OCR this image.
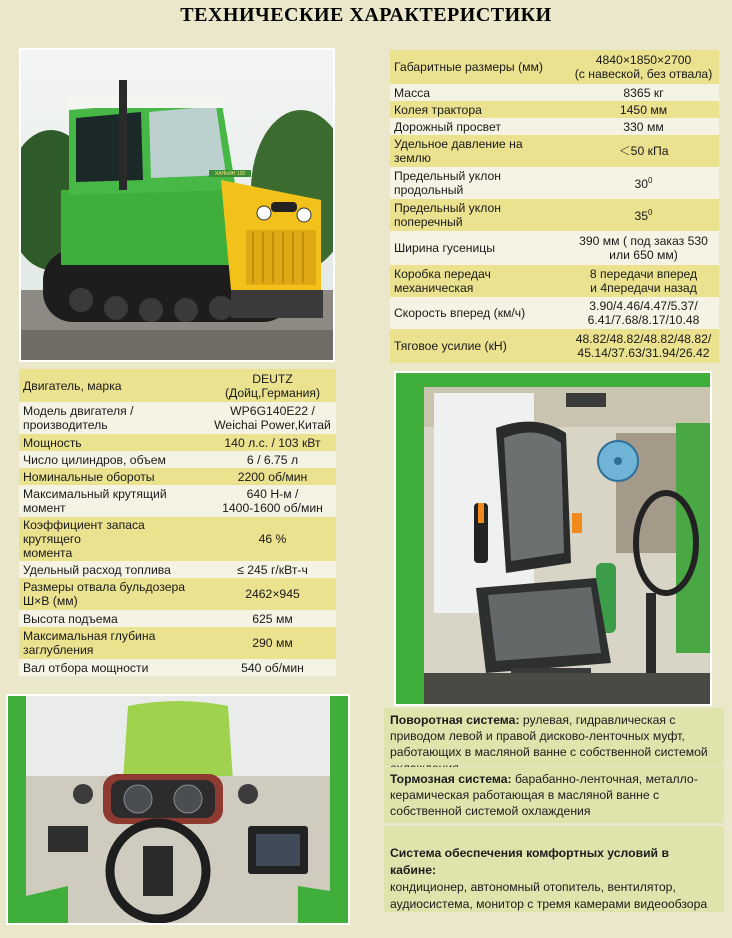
ТЕХНИЧЕСКИЕ ХАРАКТЕРИСТИКИ
ХАНЬЯН 120
Габаритные размеры (мм)	4840×1850×2700
(с навеской, без отвала)
Масса	8365 кг
Колея трактора	1450 мм
Дорожный просвет	330 мм
Удельное давление на
землю	＜50 кПа
Предельный уклон
продольный	$30^0$
Предельный уклон
поперечный	$35^0$
Ширина гусеницы	390 мм ( под заказ 530
или 650 мм)
Коробка передач
механическая	8 передачи вперед
и 4передачи назад
Скорость вперед (км/ч)	3.90/4.46/4.47/5.37/
6.41/7.68/8.17/10.48
Тяговое усилие (кН)	48.82/48.82/48.82/48.82/
45.14/37.63/31.94/26.42
Двигатель, марка	DEUTZ
(Дойц,Германия)
Модель двигателя /
производитель	WP6G140E22 /
Weichai Power,Китай
Мощность	140 л.с. / 103 кВт
Число цилиндров, объем	6 / 6.75 л
Номинальные обороты	2200 об/мин
Максимальный крутящий
момент	640 Н-м /
1400-1600 об/мин
Коэффициент запаса крутящего
момента	46 %
Удельный расход топлива	≤ 245 г/кВт-ч
Размеры отвала бульдозера
Ш×В (мм)	2462×945
Высота подъема	625 мм
Максимальная глубина
заглубления	290 мм
Вал отбора мощности	540 об/мин
Поворотная система: рулевая, гидравлическая с приводом левой и правой дисково-ленточных муфт, работающих в масляной ванне с собственной системой
Тормозная система: барабанно-ленточная, металло-керамическая работающая в масляной ванне с собственной системой охлаждения
Система обеспечения комфортных условий в кабине:
кондиционер, автономный отопитель, вентилятор, аудиосистема, монитор с тремя камерами видеообзора
